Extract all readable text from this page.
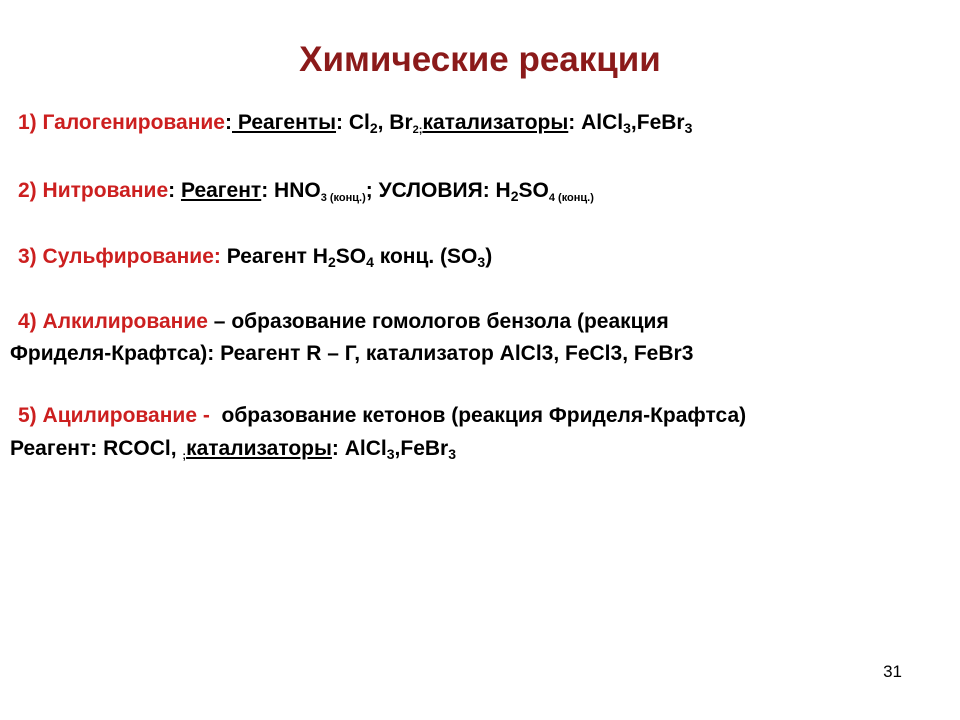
Химические реакции
1) Галогенирование: Реагенты: $Cl_2$, $Br_{2;}катализаторы$: AlCl$_3$,FeBr$_3$
2) Нитрование: Реагент: $HNO_{3 (конц.)}$; УСЛОВИЯ: $H_2SO_{4 (конц.)}$
3) Сульфирование: Реагент $H_2SO_4$ конц. $(SO_3)$
4) Алкилирование – образование гомологов бензола (реакция
Фриделя-Крафтса): Реагент R – Г, катализатор AlCl3, FeCl3, FeBr3
5) Ацилирование -  образование кетонов (реакция Фриделя-Крафтса)
Реагент: RCOCl, $_;$катализаторы: AlCl$_3$,FeBr$_3$
31
